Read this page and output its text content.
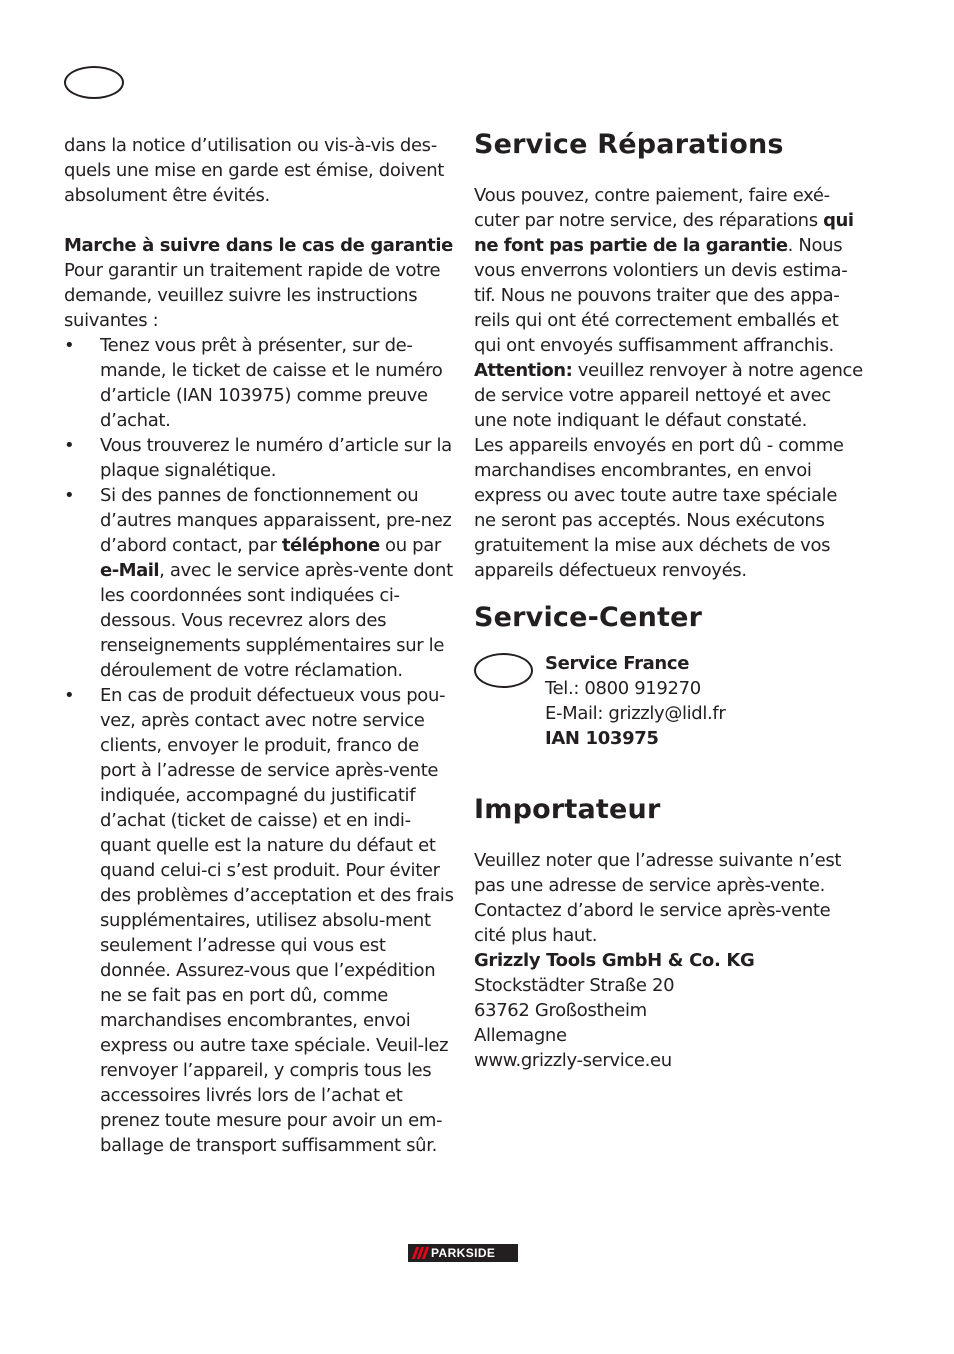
dans la notice d’utilisation ou vis-à-vis des-quels une mise en garde est émise, doivent absolument être évités.

Marche à suivre dans le cas de garantie

Pour garantir un traitement rapide de votre demande, veuillez suivre les instructions suivantes :

• Tenez vous prêt à présenter, sur de-mande, le ticket de caisse et le numéro d’article (IAN 103975) comme preuve d’achat.
• Vous trouverez le numéro d’article sur la plaque signalétique.
• Si des pannes de fonctionnement ou d’autres manques apparaissent, pre-nez d’abord contact, par téléphone ou par e-Mail, avec le service après-vente dont les coordonnées sont indiquées ci-dessous. Vous recevrez alors des renseignements supplémentaires sur le déroulement de votre réclamation.
• En cas de produit défectueux vous pou-vez, après contact avec notre service clients, envoyer le produit, franco de port à l’adresse de service après-vente indiquée, accompagné du justificatif d’achat (ticket de caisse) et en indi-quant quelle est la nature du défaut et quand celui-ci s’est produit. Pour éviter des problèmes d’acceptation et des frais supplémentaires, utilisez absolu-ment seulement l’adresse qui vous est donnée. Assurez-vous que l’expédition ne se fait pas en port dû, comme marchandises encombrantes, envoi express ou autre taxe spéciale. Veuil-lez renvoyer l’appareil, y compris tous les accessoires livrés lors de l’achat et prenez toute mesure pour avoir un em-ballage de transport suffisamment sûr.
Service Réparations

Vous pouvez, contre paiement, faire exé-cuter par notre service, des réparations qui ne font pas partie de la garantie. Nous vous enverrons volontiers un devis estima-tif. Nous ne pouvons traiter que des appa-reils qui ont été correctement emballés et qui ont envoyés suffisamment affranchis.

Attention: veuillez renvoyer à notre agence de service votre appareil nettoyé et avec une note indiquant le défaut constaté.

Les appareils envoyés en port dû - comme marchandises encombrantes, en envoi express ou avec toute autre taxe spéciale ne seront pas acceptés. Nous exécutons gratuitement la mise aux déchets de vos appareils défectueux renvoyés.

Service-Center

Service France

Tel.: 0800 919270

E-Mail: grizzly@lidl.fr

IAN 103975

Importateur

Veuillez noter que l’adresse suivante n’est pas une adresse de service après-vente. Contactez d’abord le service après-vente cité plus haut.

Grizzly Tools GmbH & Co. KG

Stockstädter Straße 20

63762 Großostheim

Allemagne

www.grizzly-service.eu

PARKSIDE
